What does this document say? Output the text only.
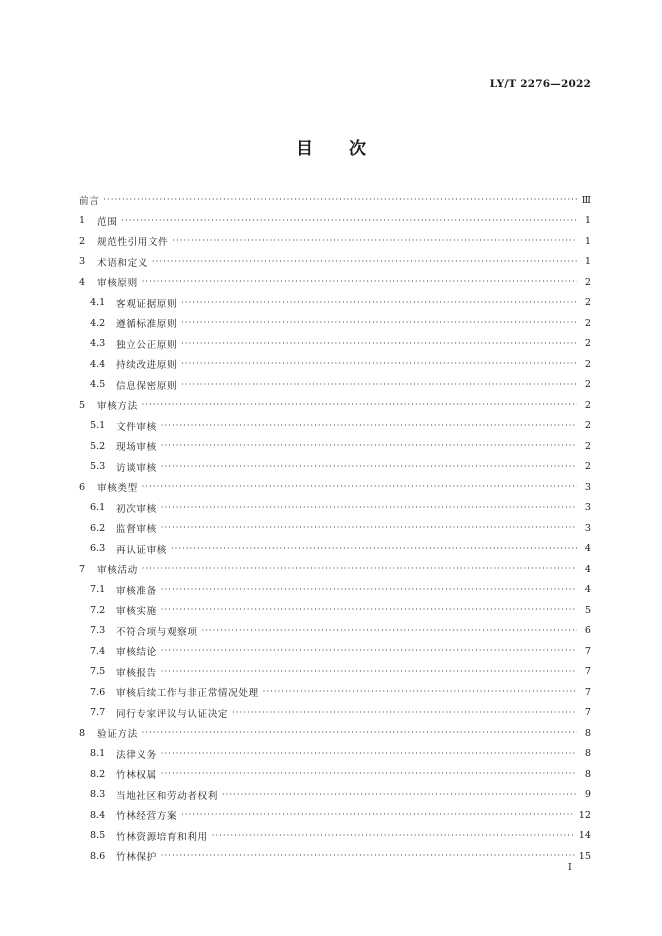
LY/T 2276—2022
目 次
前言 ·····	Ⅲ
1	范围 ·····	1
2	规范性引用文件 ·····	1
3	术语和定义 ·····	1
4	审核原则 ·····	2
4.1	客观证据原则 ·····	2
4.2	遵循标准原则 ·····	2
4.3	独立公正原则 ·····	2
4.4	持续改进原则 ·····	2
4.5	信息保密原则 ·····	2
5	审核方法 ·····	2
5.1	文件审核 ·····	2
5.2	现场审核 ·····	2
5.3	访谈审核 ·····	2
6	审核类型 ·····	3
6.1	初次审核 ·····	3
6.2	监督审核 ·····	3
6.3	再认证审核 ·····	4
7	审核活动 ·····	4
7.1	审核准备 ·····	4
7.2	审核实施 ·····	5
7.3	不符合项与观察项 ·····	6
7.4	审核结论 ·····	7
7.5	审核报告 ·····	7
7.6	审核后续工作与非正常情况处理 ·····	7
7.7	同行专家评议与认证决定 ·····	7
8	验证方法 ·····	8
8.1	法律义务 ·····	8
8.2	竹林权属 ·····	8
8.3	当地社区和劳动者权利 ·····	9
8.4	竹林经营方案 ·····	12
8.5	竹林资源培育和利用 ·····	14
8.6	竹林保护 ·····	15
I
